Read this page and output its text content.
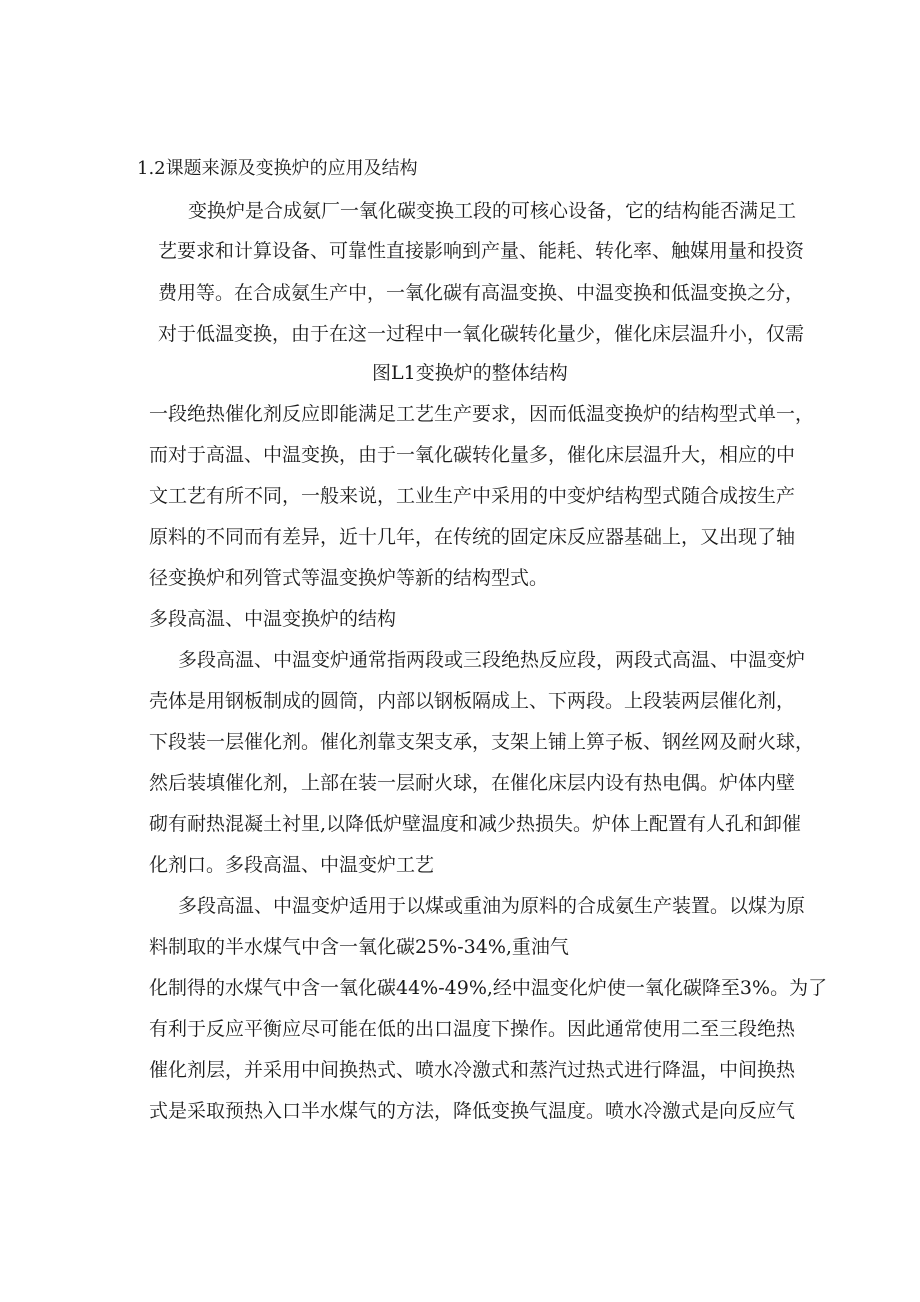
1.2课题来源及变换炉的应用及结构
变换炉是合成氨厂一氧化碳变换工段的可核心设备，它的结构能否满足工
艺要求和计算设备、可靠性直接影响到产量、能耗、转化率、触媒用量和投资
费用等。在合成氨生产中，一氧化碳有高温变换、中温变换和低温变换之分，
对于低温变换，由于在这一过程中一氧化碳转化量少，催化床层温升小，仅需
图L1变换炉的整体结构
一段绝热催化剂反应即能满足工艺生产要求，因而低温变换炉的结构型式单一，
而对于高温、中温变换，由于一氧化碳转化量多，催化床层温升大，相应的中
文工艺有所不同，一般来说，工业生产中采用的中变炉结构型式随合成按生产
原料的不同而有差异，近十几年，在传统的固定床反应器基础上，又出现了轴
径变换炉和列管式等温变换炉等新的结构型式。
多段高温、中温变换炉的结构
多段高温、中温变炉通常指两段或三段绝热反应段，两段式高温、中温变炉
壳体是用钢板制成的圆筒，内部以钢板隔成上、下两段。上段装两层催化剂，
下段装一层催化剂。催化剂靠支架支承，支架上铺上箅子板、钢丝网及耐火球，
然后装填催化剂，上部在装一层耐火球，在催化床层内设有热电偶。炉体内壁
砌有耐热混凝土衬里,以降低炉壁温度和减少热损失。炉体上配置有人孔和卸催
化剂口。多段高温、中温变炉工艺
多段高温、中温变炉适用于以煤或重油为原料的合成氨生产装置。以煤为原
料制取的半水煤气中含一氧化碳25%-34%,重油气
化制得的水煤气中含一氧化碳44%-49%,经中温变化炉使一氧化碳降至3%。为了
有利于反应平衡应尽可能在低的出口温度下操作。因此通常使用二至三段绝热
催化剂层，并采用中间换热式、喷水冷激式和蒸汽过热式进行降温，中间换热
式是采取预热入口半水煤气的方法，降低变换气温度。喷水冷激式是向反应气
